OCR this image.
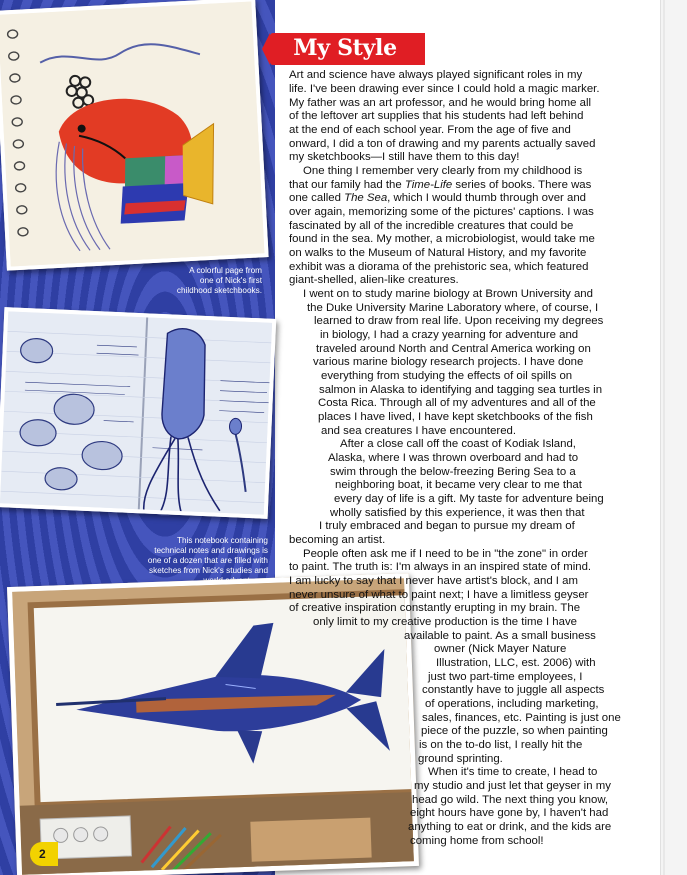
A colorful page from
one of Nick's first
childhood sketchbooks.
This notebook containing
technical notes and drawings is
one of a dozen that are filled with
sketches from Nick's studies and
My Style
Art and science have always played significant roles in my
life. I've been drawing ever since I could hold a magic marker.
My father was an art professor, and he would bring home all
of the leftover art supplies that his students had left behind
at the end of each school year. From the age of five and
onward, I did a ton of drawing and my parents actually saved
my sketchbooks—I still have them to this day!
One thing I remember very clearly from my childhood is
that our family had the Time-Life series of books. There was
one called The Sea, which I would thumb through over and
over again, memorizing some of the pictures' captions. I was
fascinated by all of the incredible creatures that could be
found in the sea. My mother, a microbiologist, would take me
on walks to the Museum of Natural History, and my favorite
exhibit was a diorama of the prehistoric sea, which featured
giant-shelled, alien-like creatures.
I went on to study marine biology at Brown University and
the Duke University Marine Laboratory where, of course, I
learned to draw from real life. Upon receiving my degrees
in biology, I had a crazy yearning for adventure and
traveled around North and Central America working on
various marine biology research projects. I have done
everything from studying the effects of oil spills on
salmon in Alaska to identifying and tagging sea turtles in
Costa Rica. Through all of my adventures and all of the
places I have lived, I have kept sketchbooks of the fish
and sea creatures I have encountered.
After a close call off the coast of Kodiak Island,
Alaska, where I was thrown overboard and had to
swim through the below-freezing Bering Sea to a
neighboring boat, it became very clear to me that
every day of life is a gift. My taste for adventure being
wholly satisfied by this experience, it was then that
I truly embraced and began to pursue my dream of
becoming an artist.
People often ask me if I need to be in "the zone" in order
to paint. The truth is: I'm always in an inspired state of mind.
I am lucky to say that I never have artist's block, and I am
never unsure of what to paint next; I have a limitless geyser
of creative inspiration constantly erupting in my brain. The
only limit to my creative production is the time I have
available to paint. As a small business
owner (Nick Mayer Nature
Illustration, LLC, est. 2006) with
just two part-time employees, I
constantly have to juggle all aspects
of operations, including marketing,
sales, finances, etc. Painting is just one
piece of the puzzle, so when painting
is on the to-do list, I really hit the
ground sprinting.
When it's time to create, I head to
my studio and just let that geyser in my
head go wild. The next thing you know,
eight hours have gone by, I haven't had
anything to eat or drink, and the kids are
coming home from school!
2
